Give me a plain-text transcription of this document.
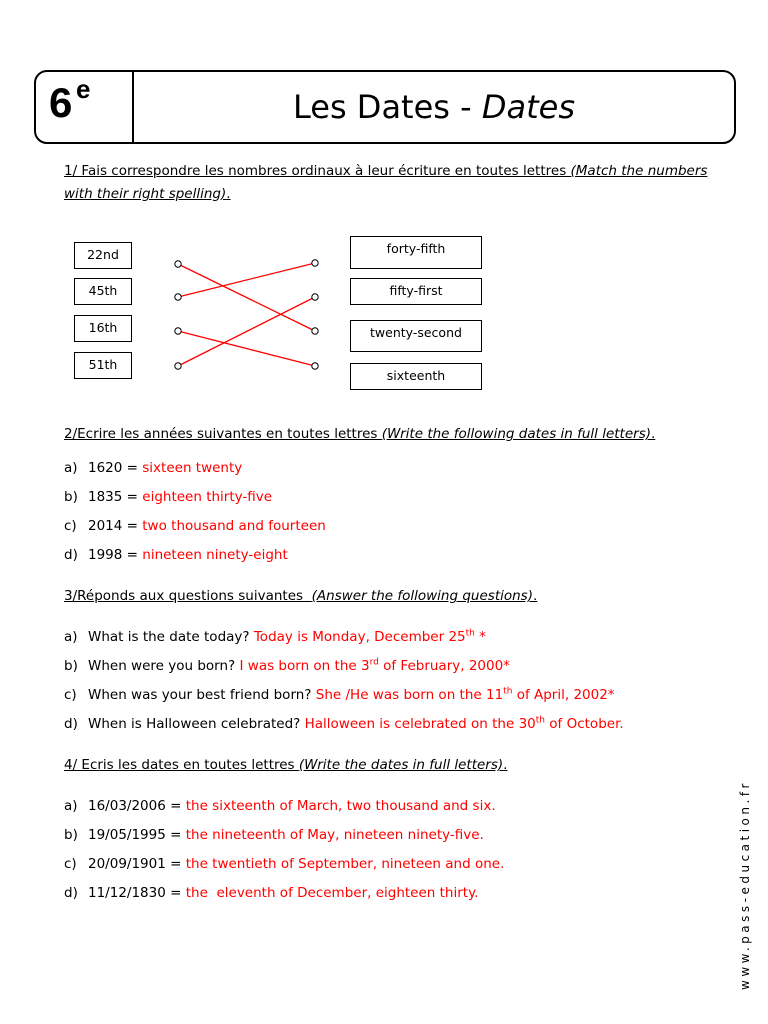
6 e	Les Dates - Dates
1/ Fais correspondre les nombres ordinaux à leur écriture en toutes lettres (Match the numbers with their right spelling).
22nd
45th
16th
51th
forty-fifth
fifty-first
twenty-second
sixteenth
2/Ecrire les années suivantes en toutes lettres (Write the following dates in full letters).
a) 1620 = sixteen twenty
b) 1835 = eighteen thirty-five
c) 2014 = two thousand and fourteen
d) 1998 = nineteen ninety-eight
3/Réponds aux questions suivantes  (Answer the following questions).
a) What is the date today? Today is Monday, December 25th *
b) When were you born? I was born on the 3rd of February, 2000*
c) When was your best friend born? She /He was born on the 11th of April, 2002*
d) When is Halloween celebrated? Halloween is celebrated on the 30th of October.
4/ Ecris les dates en toutes lettres (Write the dates in full letters).
a) 16/03/2006 = the sixteenth of March, two thousand and six.
b) 19/05/1995 = the nineteenth of May, nineteen ninety-five.
c) 20/09/1901 = the twentieth of September, nineteen and one.
d) 11/12/1830 = the  eleventh of December, eighteen thirty.	www.pass-education.fr
